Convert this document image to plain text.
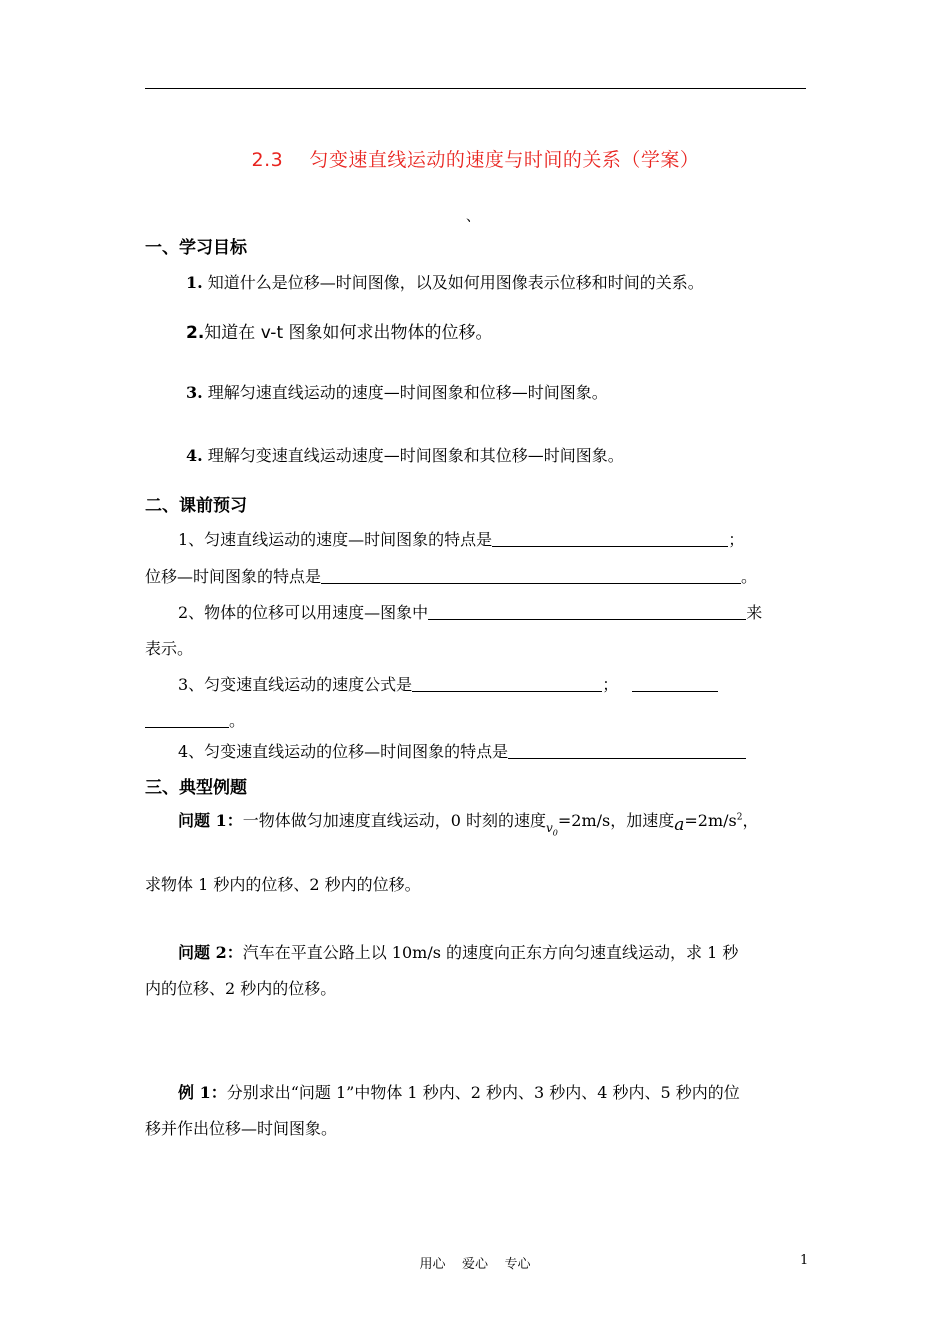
2.3    匀变速直线运动的速度与时间的关系（学案）
、
一、学习目标
1. 知道什么是位移—时间图像，以及如何用图像表示位移和时间的关系。
2.知道在 v-t 图象如何求出物体的位移。
3. 理解匀速直线运动的速度—时间图象和位移—时间图象。
4. 理解匀变速直线运动速度—时间图象和其位移—时间图象。
二、课前预习
1、匀速直线运动的速度—时间图象的特点是	；
位移—时间图象的特点是	。
2、物体的位移可以用速度—图象中	来
表示。
3、匀变速直线运动的速度公式是	；
。
4、匀变速直线运动的位移—时间图象的特点是
三、典型例题
问题 1：一物体做匀加速度直线运动，0 时刻的速度$_{v_0}$=2m/s，加速度$a=2m/s^2$，
求物体 1 秒内的位移、2 秒内的位移。
问题 2：汽车在平直公路上以 10m/s 的速度向正东方向匀速直线运动，求 1 秒
内的位移、2 秒内的位移。
例 1：分别求出“问题 1”中物体 1 秒内、2 秒内、3 秒内、4 秒内、5 秒内的位
移并作出位移—时间图象。
用心    爱心    专心	1
